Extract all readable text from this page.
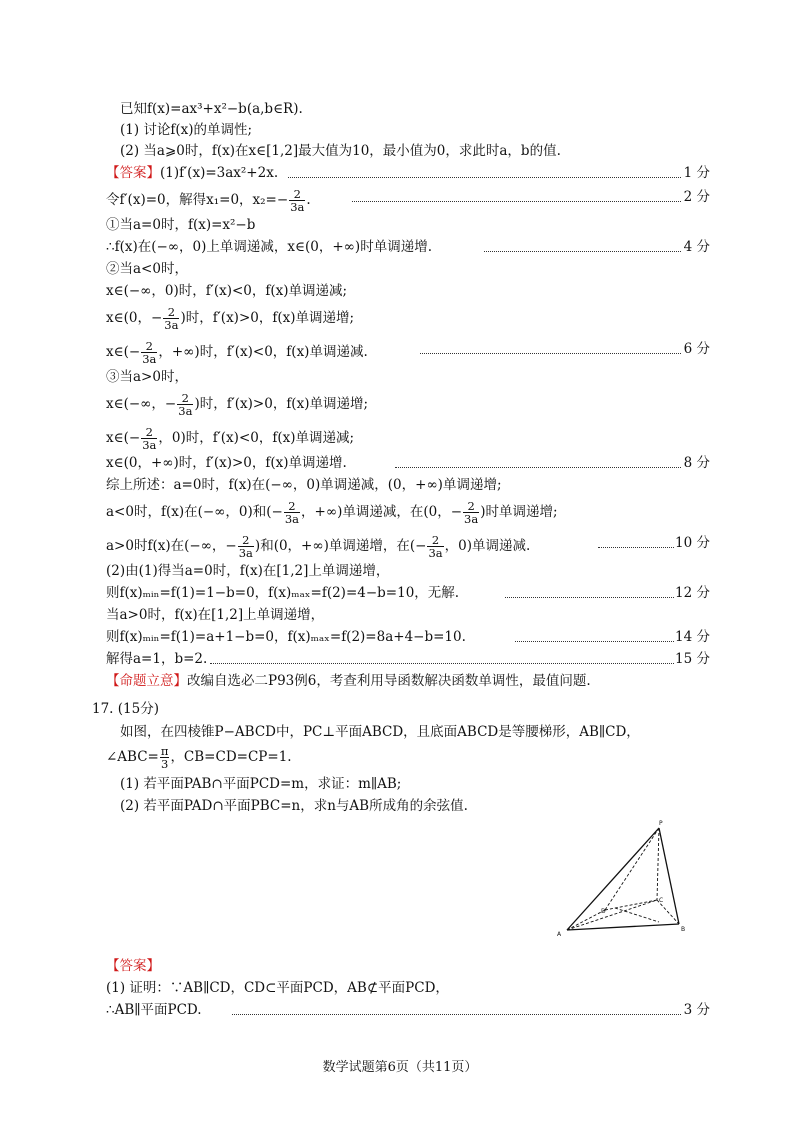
已知f(x)=ax³+x²−b(a,b∈R).
(1) 讨论f(x)的单调性;
(2) 当a⩾0时，f(x)在x∈[1,2]最大值为10，最小值为0，求此时a，b的值.
【答案】(1)f′(x)=3ax²+2x.	1 分
令f′(x)=0，解得x₁=0，$x_2=- \frac{2}{3a}$ .	2 分
①当a=0时，f(x)=x²−b
∴f(x)在(−∞，0)上单调递减，x∈(0，+∞)时单调递增.	4 分
②当a<0时，
x∈(−∞，0)时，f′(x)<0，f(x)单调递减;
x∈(0，− $\frac{2}{3a}$ )时，f′(x)>0，f(x)单调递增;
x∈(− $\frac{2}{3a}$ ，+∞)时，f′(x)<0，f(x)单调递减.	6 分
③当a>0时，
x∈(−∞，− $\frac{2}{3a}$ )时，f′(x)>0，f(x)单调递增;
x∈(− $\frac{2}{3a}$ ，0)时，f′(x)<0，f(x)单调递减;
x∈(0，+∞)时，f′(x)>0，f(x)单调递增.	8 分
综上所述：a=0时，f(x)在(−∞，0)单调递减，(0，+∞)单调递增;
a<0时，f(x)在(−∞，0)和(− $\frac{2}{3a}$ ，+∞)单调递减，在(0，− $\frac{2}{3a}$ )时单调递增;
a>0时f(x)在(−∞，− $\frac{2}{3a}$ )和(0，+∞)单调递增，在(− $\frac{2}{3a}$ ，0)单调递减.	10 分
(2)由(1)得当a=0时，f(x)在[1,2]上单调递增，
则f(x)ₘᵢₙ=f(1)=1−b=0，f(x)ₘₐₓ=f(2)=4−b=10，无解.	12 分
当a>0时，f(x)在[1,2]上单调递增，
则f(x)ₘᵢₙ=f(1)=a+1−b=0，f(x)ₘₐₓ=f(2)=8a+4−b=10.	14 分
解得a=1，b=2.	15 分
【命题立意】改编自选必二P93例6，考查利用导函数解决函数单调性，最值问题.
17. (15分)
如图，在四棱锥P−ABCD中，PC⊥平面ABCD，且底面ABCD是等腰梯形，AB∥CD，
∠ABC= $\frac{\pi}{3}$ ，CB=CD=CP=1.
(1) 若平面PAB∩平面PCD=m，求证：m∥AB;
(2) 若平面PAD∩平面PBC=n，求n与AB所成角的余弦值.
P
A
B
C
D
【答案】
(1) 证明：∵AB∥CD，CD⊂平面PCD，AB⊄平面PCD，
∴AB∥平面PCD.	3 分
数学试题第6页（共11页）
